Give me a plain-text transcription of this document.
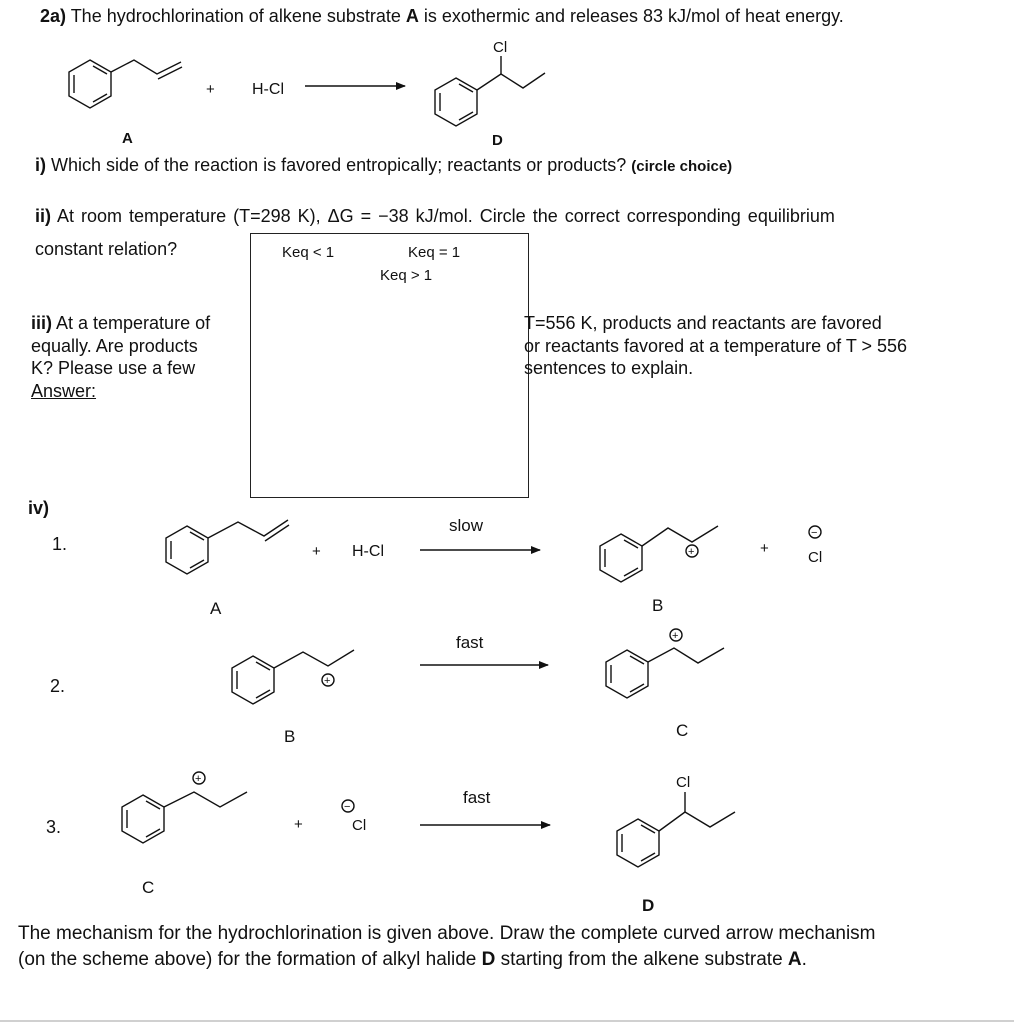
2a) The hydrochlorination of alkene substrate A is exothermic and releases 83 kJ/mol of heat energy.
+ H-Cl
Cl
A	D
+ H-Cl
slow
+	+
−
Cl
A	B
+
fast	+
B	C
+
+
−
Cl
fast
Cl
C
D
i) Which side of the reaction is favored entropically; reactants or products? (circle choice)
ii) At room temperature (T=298 K), ΔG = −38 kJ/mol. Circle the correct corresponding equilibrium
constant relation?	Keq < 1	Keq = 1
Keq > 1
iii) At a temperature of
equally. Are products
K? Please use a few
Answer:
T=556 K, products and reactants are favored
or reactants favored at a temperature of T > 556
sentences to explain.
iv)
1.
2.
3.
The mechanism for the hydrochlorination is given above. Draw the complete curved arrow mechanism
(on the scheme above) for the formation of alkyl halide D starting from the alkene substrate A.
